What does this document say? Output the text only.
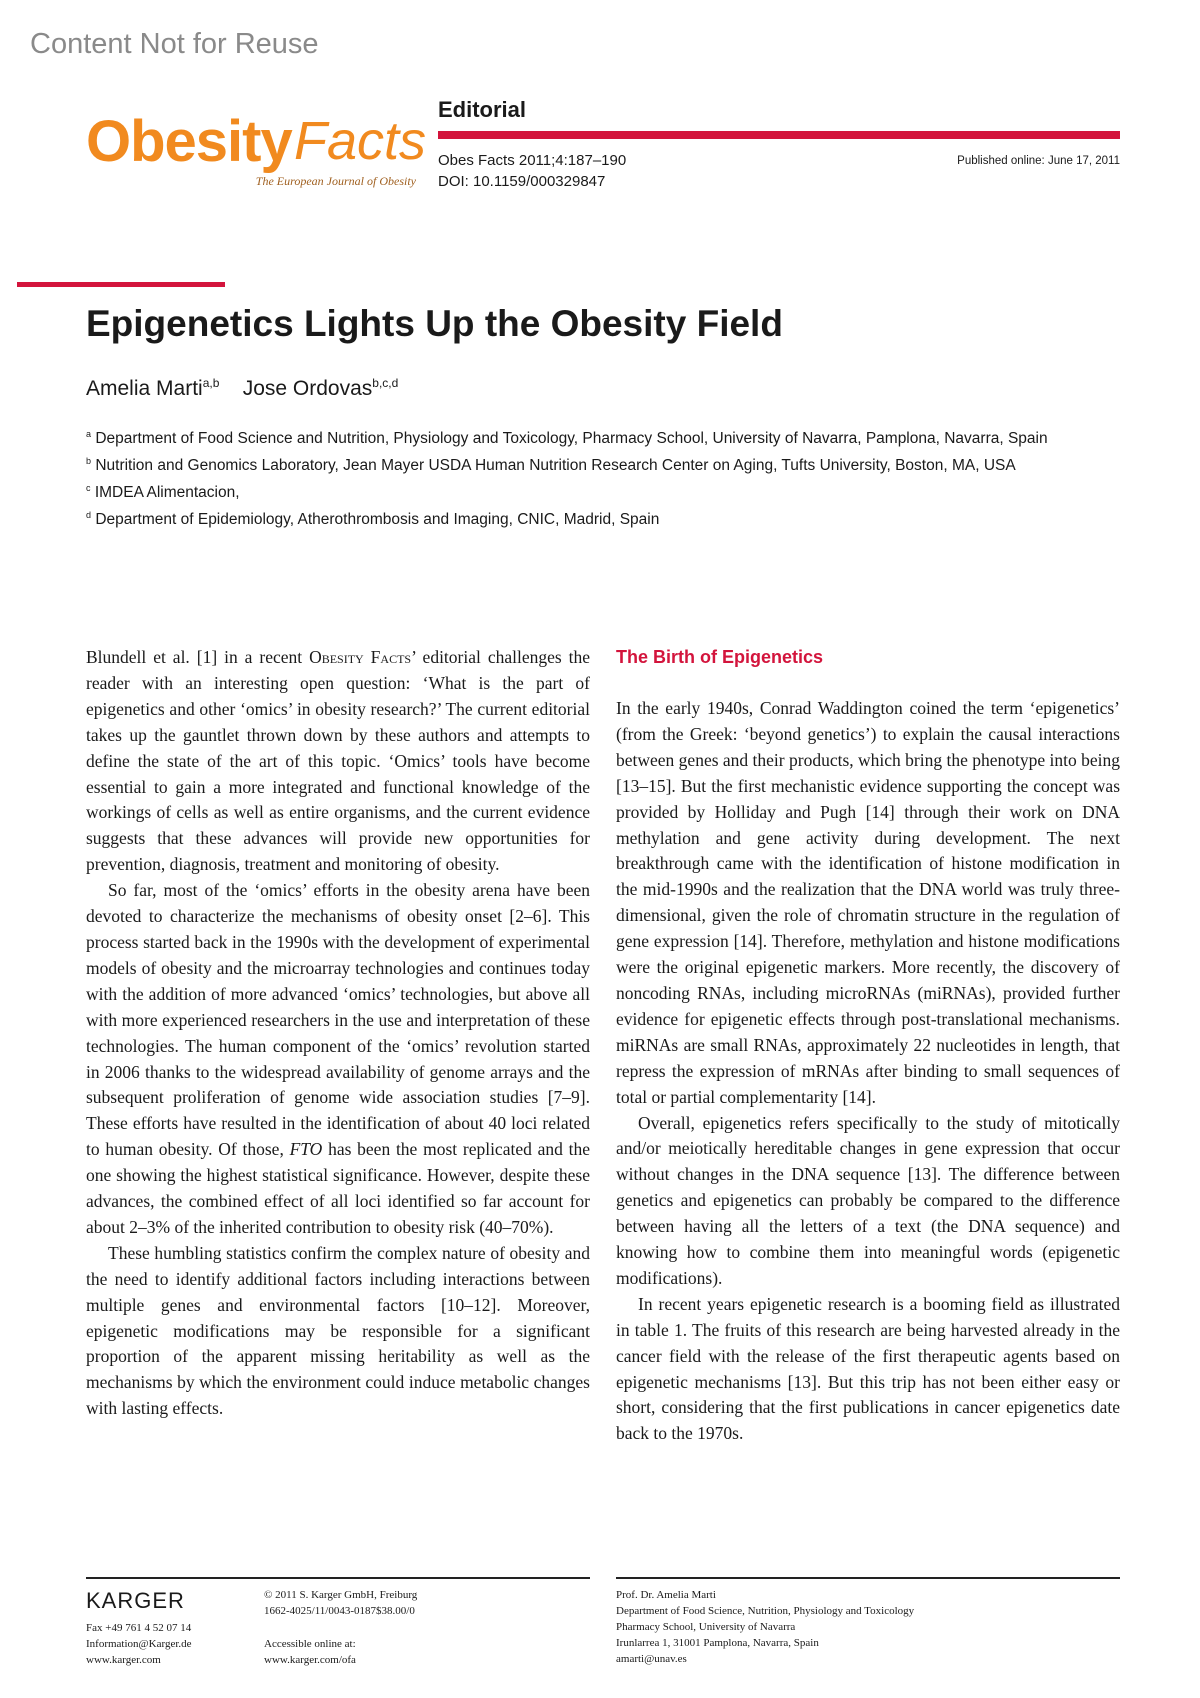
Content Not for Reuse
Obesity Facts
The European Journal of Obesity
Editorial
Obes Facts 2011;4:187–190
DOI: 10.1159/000329847
Published online: June 17, 2011
Epigenetics Lights Up the Obesity Field
Amelia Marti$^{a,b}$ Jose Ordovas$^{b,c,d}$
$^a$ Department of Food Science and Nutrition, Physiology and Toxicology, Pharmacy School, University of Navarra, Pamplona, Navarra, Spain
$^b$ Nutrition and Genomics Laboratory, Jean Mayer USDA Human Nutrition Research Center on Aging, Tufts University, Boston, MA, USA
$^c$ IMDEA Alimentacion,
$^d$ Department of Epidemiology, Atherothrombosis and Imaging, CNIC, Madrid, Spain

Blundell et al. [1] in a recent Obesity Facts’ editorial challenges the reader with an interesting open question: ‘What is the part of epigenetics and other ‘omics’ in obesity research?’ The current editorial takes up the gauntlet thrown down by these authors and attempts to define the state of the art of this topic. ‘Omics’ tools have become essential to gain a more integrated and functional knowledge of the workings of cells as well as entire organisms, and the current evidence suggests that these advances will provide new opportunities for prevention, diagnosis, treatment and monitoring of obesity.

So far, most of the ‘omics’ efforts in the obesity arena have been devoted to characterize the mechanisms of obesity onset [2–6]. This process started back in the 1990s with the development of experimental models of obesity and the microarray technologies and continues today with the addition of more advanced ‘omics’ technologies, but above all with more experienced researchers in the use and interpretation of these technologies. The human component of the ‘omics’ revolution started in 2006 thanks to the widespread availability of genome arrays and the subsequent proliferation of genome wide association studies [7–9]. These efforts have resulted in the identification of about 40 loci related to human obesity. Of those, FTO has been the most replicated and the one showing the highest statistical significance. However, despite these advances, the combined effect of all loci identified so far account for about 2–3% of the inherited contribution to obesity risk (40–70%).

These humbling statistics confirm the complex nature of obesity and the need to identify additional factors including interactions between multiple genes and environmental factors [10–12]. Moreover, epigenetic modifications may be responsible for a significant proportion of the apparent missing heritability as well as the mechanisms by which the environment could induce metabolic changes with lasting effects.

The Birth of Epigenetics

In the early 1940s, Conrad Waddington coined the term ‘epigenetics’ (from the Greek: ‘beyond genetics’) to explain the causal interactions between genes and their products, which bring the phenotype into being [13–15]. But the first mechanistic evidence supporting the concept was provided by Holliday and Pugh [14] through their work on DNA methylation and gene activity during development. The next breakthrough came with the identification of histone modification in the mid-1990s and the realization that the DNA world was truly three-dimensional, given the role of chromatin structure in the regulation of gene expression [14]. Therefore, methylation and histone modifications were the original epigenetic markers. More recently, the discovery of noncoding RNAs, including microRNAs (miRNAs), provided further evidence for epigenetic effects through post-translational mechanisms. miRNAs are small RNAs, approximately 22 nucleotides in length, that repress the expression of mRNAs after binding to small sequences of total or partial complementarity [14].

Overall, epigenetics refers specifically to the study of mitotically and/or meiotically hereditable changes in gene expression that occur without changes in the DNA sequence [13]. The difference between genetics and epigenetics can probably be compared to the difference between having all the letters of a text (the DNA sequence) and knowing how to combine them into meaningful words (epigenetic modifications).

In recent years epigenetic research is a booming field as illustrated in table 1. The fruits of this research are being harvested already in the cancer field with the release of the first therapeutic agents based on epigenetic mechanisms [13]. But this trip has not been either easy or short, considering that the first publications in cancer epigenetics date back to the 1970s.

KARGER
Fax +49 761 4 52 07 14
Information@Karger.de
www.karger.com
© 2011 S. Karger GmbH, Freiburg
1662-4025/11/0043-0187$38.00/0
Accessible online at:
www.karger.com/ofa
Prof. Dr. Amelia Marti
Department of Food Science, Nutrition, Physiology and Toxicology
Pharmacy School, University of Navarra
Irunlarrea 1, 31001 Pamplona, Navarra, Spain
amarti@unav.es
